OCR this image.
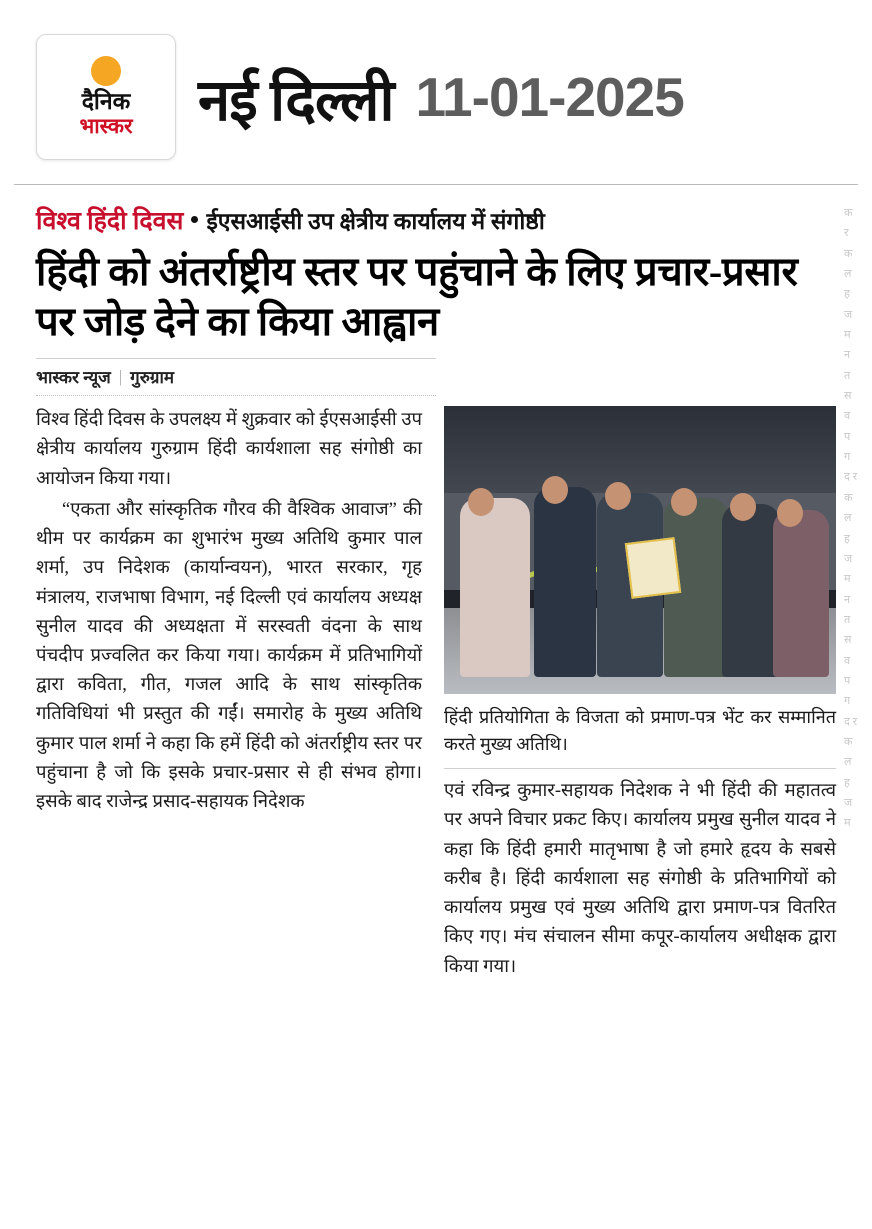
दैनिक
भास्कर नई दिल्ली 11-01-2025
क र क ल ह ज म न त स व प ग द र क ल ह ज म न त स व प ग द र क ल ह ज म
विश्व हिंदी दिवस ईएसआईसी उप क्षेत्रीय कार्यालय में संगोष्ठी
हिंदी को अंतर्राष्ट्रीय स्तर पर पहुंचाने के लिए प्रचार-प्रसार पर जोड़ देने का किया आह्वान
भास्कर न्यूज | गुरुग्राम

विश्व हिंदी दिवस के उपलक्ष्य में शुक्रवार को ईएसआईसी उप क्षेत्रीय कार्यालय गुरुग्राम हिंदी कार्यशाला सह संगोष्ठी का आयोजन किया गया।

“एकता और सांस्कृतिक गौरव की वैश्विक आवाज” की थीम पर कार्यक्रम का शुभारंभ मुख्य अतिथि कुमार पाल शर्मा, उप निदेशक (कार्यान्वयन), भारत सरकार, गृह मंत्रालय, राजभाषा विभाग, नई दिल्ली एवं कार्यालय अध्यक्ष सुनील यादव की अध्यक्षता में सरस्वती वंदना के साथ पंचदीप प्रज्वलित कर किया गया। कार्यक्रम में प्रतिभागियों द्वारा कविता, गीत, गजल आदि के साथ सांस्कृतिक गतिविधियां भी प्रस्तुत की गईं। समारोह के मुख्य अतिथि कुमार पाल शर्मा ने कहा कि हमें हिंदी को अंतर्राष्ट्रीय स्तर पर पहुंचाना है जो कि इसके प्रचार-प्रसार से ही संभव होगा। इसके बाद राजेन्द्र प्रसाद-सहायक निदेशक

हिंदी प्रतियोगिता के विजता को प्रमाण-पत्र भेंट कर सम्मानित करते मुख्य अतिथि।

एवं रविन्द्र कुमार-सहायक निदेशक ने भी हिंदी की महातत्व पर अपने विचार प्रकट किए। कार्यालय प्रमुख सुनील यादव ने कहा कि हिंदी हमारी मातृभाषा है जो हमारे हृदय के सबसे करीब है। हिंदी कार्यशाला सह संगोष्ठी के प्रतिभागियों को कार्यालय प्रमुख एवं मुख्य अतिथि द्वारा प्रमाण-पत्र वितरित किए गए। मंच संचालन सीमा कपूर-कार्यालय अधीक्षक द्वारा किया गया।
